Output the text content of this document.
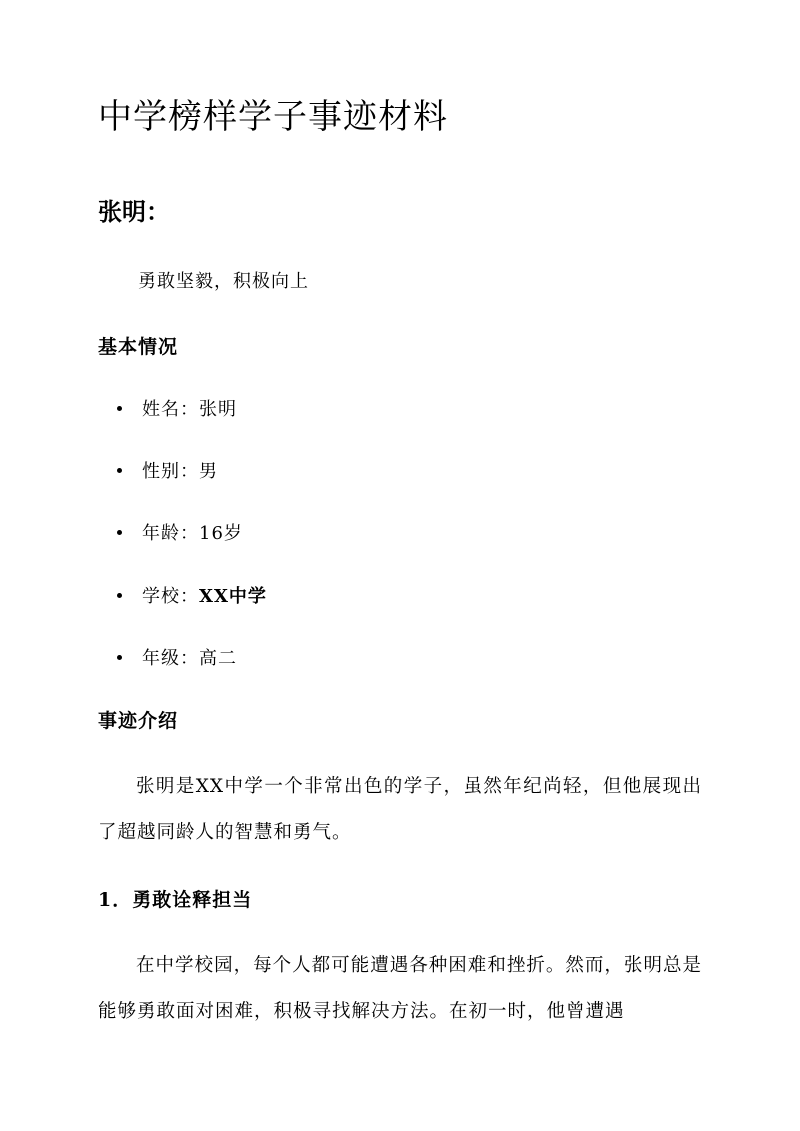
中学榜样学子事迹材料
张明：
勇敢坚毅，积极向上
基本情况
姓名：张明
性别：男
年龄：16岁
学校：XX中学
年级：高二
事迹介绍

张明是XX中学一个非常出色的学子，虽然年纪尚轻，但他展现出了超越同龄人的智慧和勇气。

1．勇敢诠释担当

在中学校园，每个人都可能遭遇各种困难和挫折。然而，张明总是能够勇敢面对困难，积极寻找解决方法。在初一时，他曾遭遇
